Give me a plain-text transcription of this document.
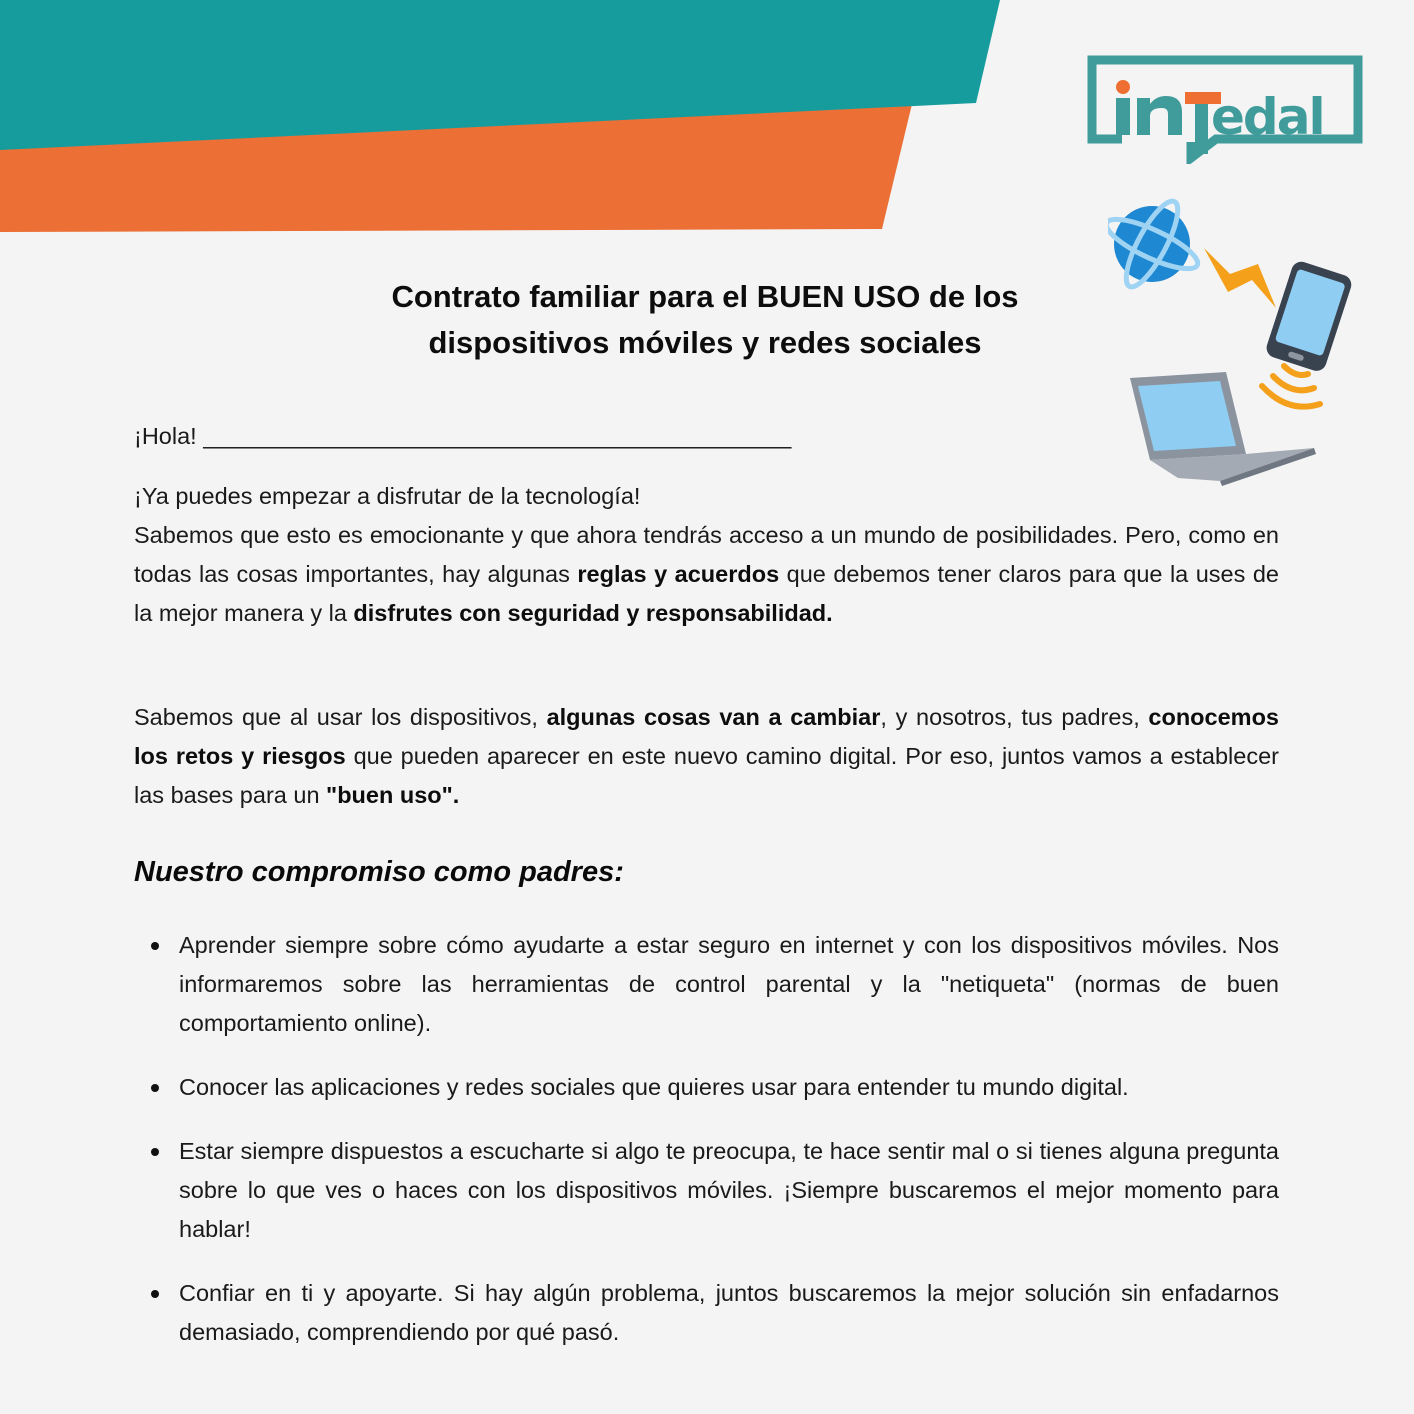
edal
Contrato familiar para el BUEN USO de los
dispositivos móviles y redes sociales
¡Hola! _____________________________________________
¡Ya puedes empezar a disfrutar de la tecnología!
Sabemos que esto es emocionante y que ahora tendrás acceso a un mundo de posibilidades. Pero, como en todas las cosas importantes, hay algunas reglas y acuerdos que debemos tener claros para que la uses de la mejor manera y la disfrutes con seguridad y responsabilidad.
Sabemos que al usar los dispositivos, algunas cosas van a cambiar, y nosotros, tus padres, conocemos los retos y riesgos que pueden aparecer en este nuevo camino digital. Por eso, juntos vamos a establecer las bases para un "buen uso".
Nuestro compromiso como padres:
Aprender siempre sobre cómo ayudarte a estar seguro en internet y con los dispositivos móviles. Nos informaremos sobre las herramientas de control parental y la "netiqueta" (normas de buen comportamiento online).
Conocer las aplicaciones y redes sociales que quieres usar para entender tu mundo digital.
Estar siempre dispuestos a escucharte si algo te preocupa, te hace sentir mal o si tienes alguna pregunta sobre lo que ves o haces con los dispositivos móviles. ¡Siempre buscaremos el mejor momento para hablar!
Confiar en ti y apoyarte. Si hay algún problema, juntos buscaremos la mejor solución sin enfadarnos demasiado, comprendiendo por qué pasó.
